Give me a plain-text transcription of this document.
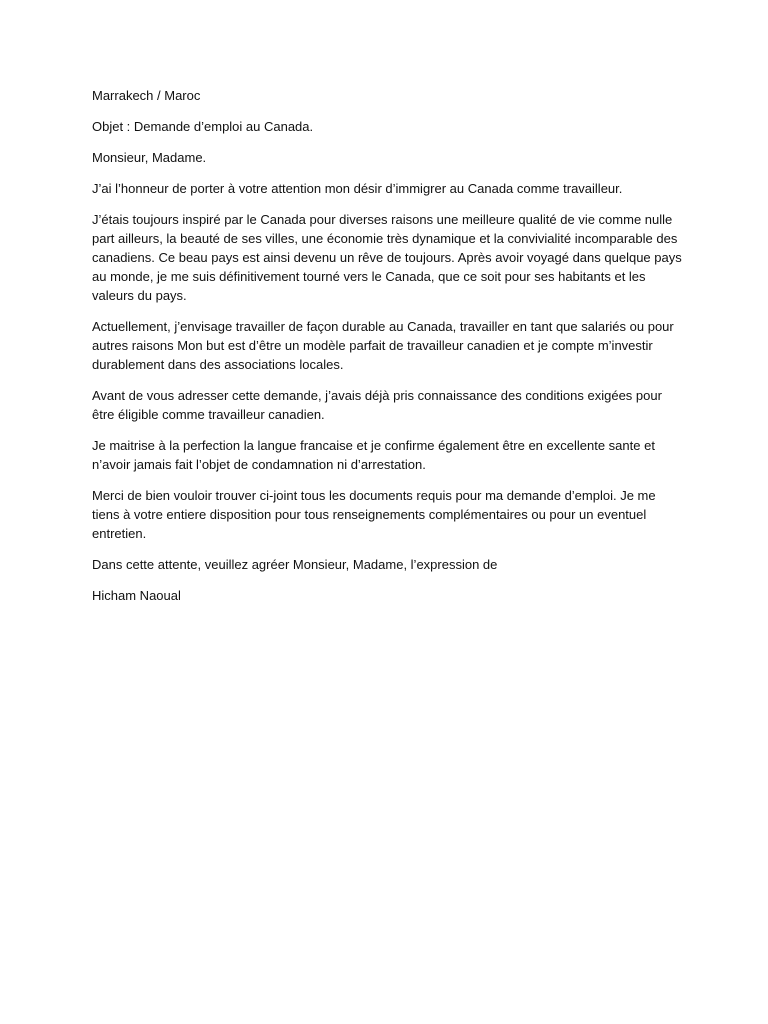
Marrakech / Maroc

Objet : Demande d’emploi au Canada.

Monsieur, Madame.

J’ai l’honneur de porter à votre attention mon désir d’immigrer au Canada comme travailleur.

J’étais toujours inspiré par le Canada pour diverses raisons une meilleure qualité de vie comme nulle part ailleurs, la beauté de ses villes, une économie très dynamique et la convivialité incomparable des canadiens. Ce beau pays est ainsi devenu un rêve de toujours. Après avoir voyagé dans quelque pays au monde, je me suis définitivement tourné vers le Canada, que ce soit pour ses habitants et les valeurs du pays.

Actuellement, j’envisage travailler de façon durable au Canada, travailler en tant que salariés ou pour autres raisons Mon but est d’être un modèle parfait de travailleur canadien et je compte m’investir durablement dans des associations locales.

Avant de vous adresser cette demande, j’avais déjà pris connaissance des conditions exigées pour être éligible comme travailleur canadien.

Je maitrise à la perfection la langue francaise et je confirme également être en excellente sante et n’avoir jamais fait l’objet de condamnation ni d’arrestation.

Merci de bien vouloir trouver ci-joint tous les documents requis pour ma demande d’emploi. Je me tiens à votre entiere disposition pour tous renseignements complémentaires ou pour un eventuel entretien.

Dans cette attente, veuillez agréer Monsieur, Madame, l’expression de

Hicham Naoual
